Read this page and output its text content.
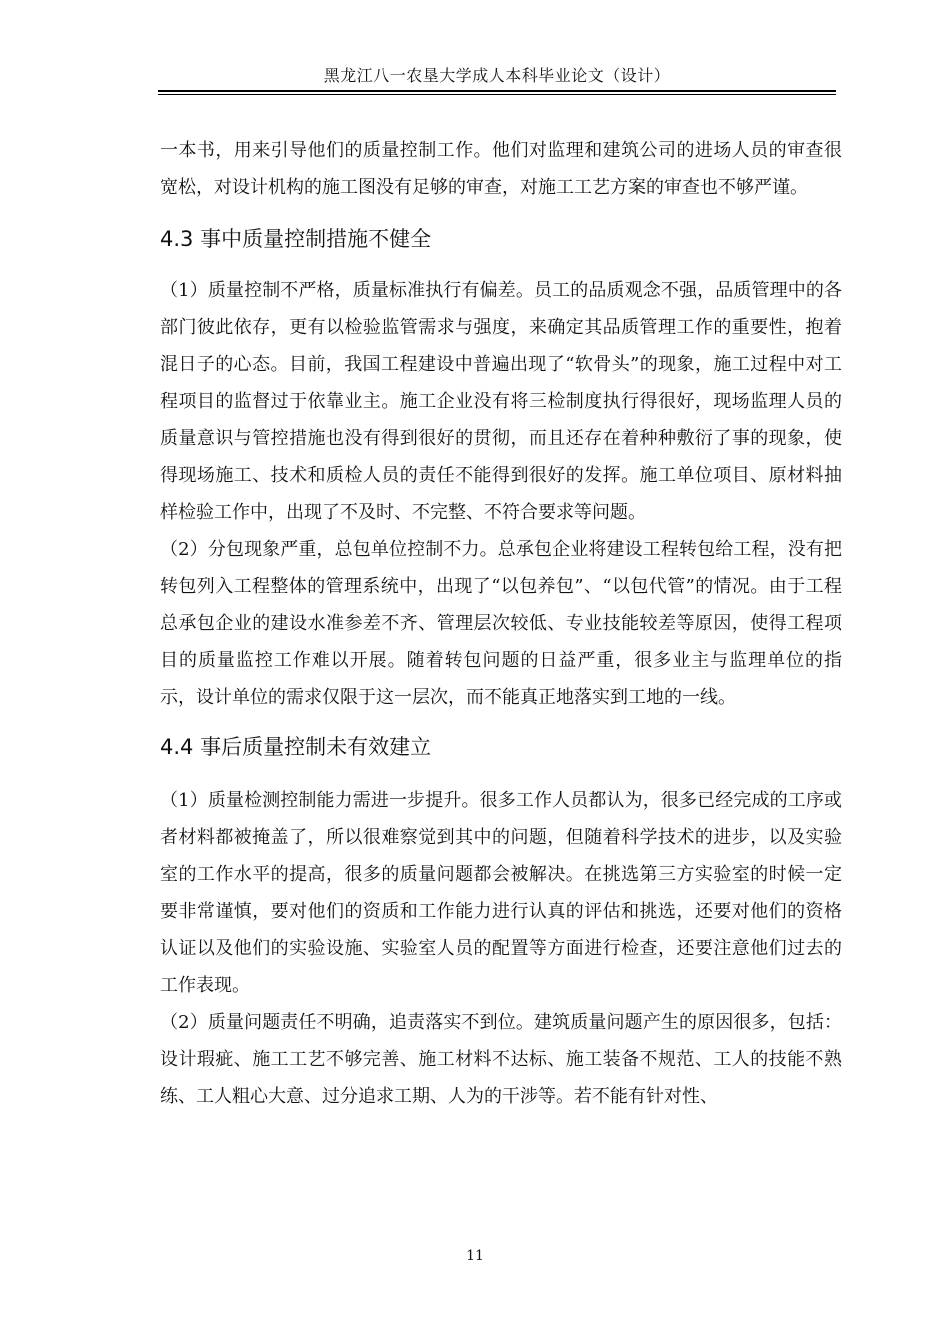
黑龙江八一农垦大学成人本科毕业论文（设计）

一本书，用来引导他们的质量控制工作。他们对监理和建筑公司的进场人员的审查很宽松，对设计机构的施工图没有足够的审查，对施工工艺方案的审查也不够严谨。

4.3 事中质量控制措施不健全

（1）质量控制不严格，质量标准执行有偏差。员工的品质观念不强，品质管理中的各部门彼此依存，更有以检验监管需求与强度，来确定其品质管理工作的重要性，抱着混日子的心态。目前，我国工程建设中普遍出现了“软骨头”的现象，施工过程中对工程项目的监督过于依靠业主。施工企业没有将三检制度执行得很好，现场监理人员的质量意识与管控措施也没有得到很好的贯彻，而且还存在着种种敷衍了事的现象，使得现场施工、技术和质检人员的责任不能得到很好的发挥。施工单位项目、原材料抽样检验工作中，出现了不及时、不完整、不符合要求等问题。

（2）分包现象严重，总包单位控制不力。总承包企业将建设工程转包给工程，没有把转包列入工程整体的管理系统中，出现了“以包养包”、“以包代管”的情况。由于工程总承包企业的建设水准参差不齐、管理层次较低、专业技能较差等原因，使得工程项目的质量监控工作难以开展。随着转包问题的日益严重，很多业主与监理单位的指示，设计单位的需求仅限于这一层次，而不能真正地落实到工地的一线。

4.4 事后质量控制未有效建立

（1）质量检测控制能力需进一步提升。很多工作人员都认为，很多已经完成的工序或者材料都被掩盖了，所以很难察觉到其中的问题，但随着科学技术的进步，以及实验室的工作水平的提高，很多的质量问题都会被解决。在挑选第三方实验室的时候一定要非常谨慎，要对他们的资质和工作能力进行认真的评估和挑选，还要对他们的资格认证以及他们的实验设施、实验室人员的配置等方面进行检查，还要注意他们过去的工作表现。

（2）质量问题责任不明确，追责落实不到位。建筑质量问题产生的原因很多，包括：设计瑕疵、施工工艺不够完善、施工材料不达标、施工装备不规范、工人的技能不熟练、工人粗心大意、过分追求工期、人为的干涉等。若不能有针对性、

11
